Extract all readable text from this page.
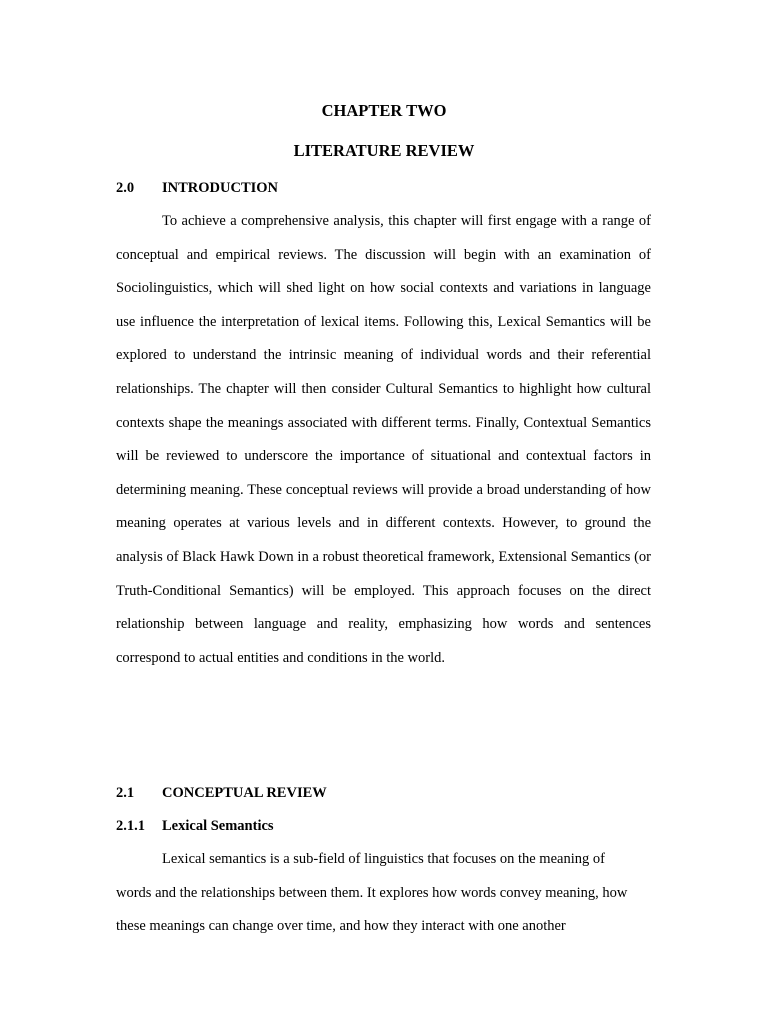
CHAPTER TWO
LITERATURE REVIEW
2.0 INTRODUCTION

To achieve a comprehensive analysis, this chapter will first engage with a range of conceptual and empirical reviews. The discussion will begin with an examination of Sociolinguistics, which will shed light on how social contexts and variations in language use influence the interpretation of lexical items. Following this, Lexical Semantics will be explored to understand the intrinsic meaning of individual words and their referential relationships. The chapter will then consider Cultural Semantics to highlight how cultural contexts shape the meanings associated with different terms. Finally, Contextual Semantics will be reviewed to underscore the importance of situational and contextual factors in determining meaning. These conceptual reviews will provide a broad understanding of how meaning operates at various levels and in different contexts. However, to ground the analysis of Black Hawk Down in a robust theoretical framework, Extensional Semantics (or Truth-Conditional Semantics) will be employed. This approach focuses on the direct relationship between language and reality, emphasizing how words and sentences correspond to actual entities and conditions in the world.

2.1 CONCEPTUAL REVIEW
2.1.1 Lexical Semantics

Lexical semantics is a sub-field of linguistics that focuses on the meaning of words and the relationships between them. It explores how words convey meaning, how these meanings can change over time, and how they interact with one another
